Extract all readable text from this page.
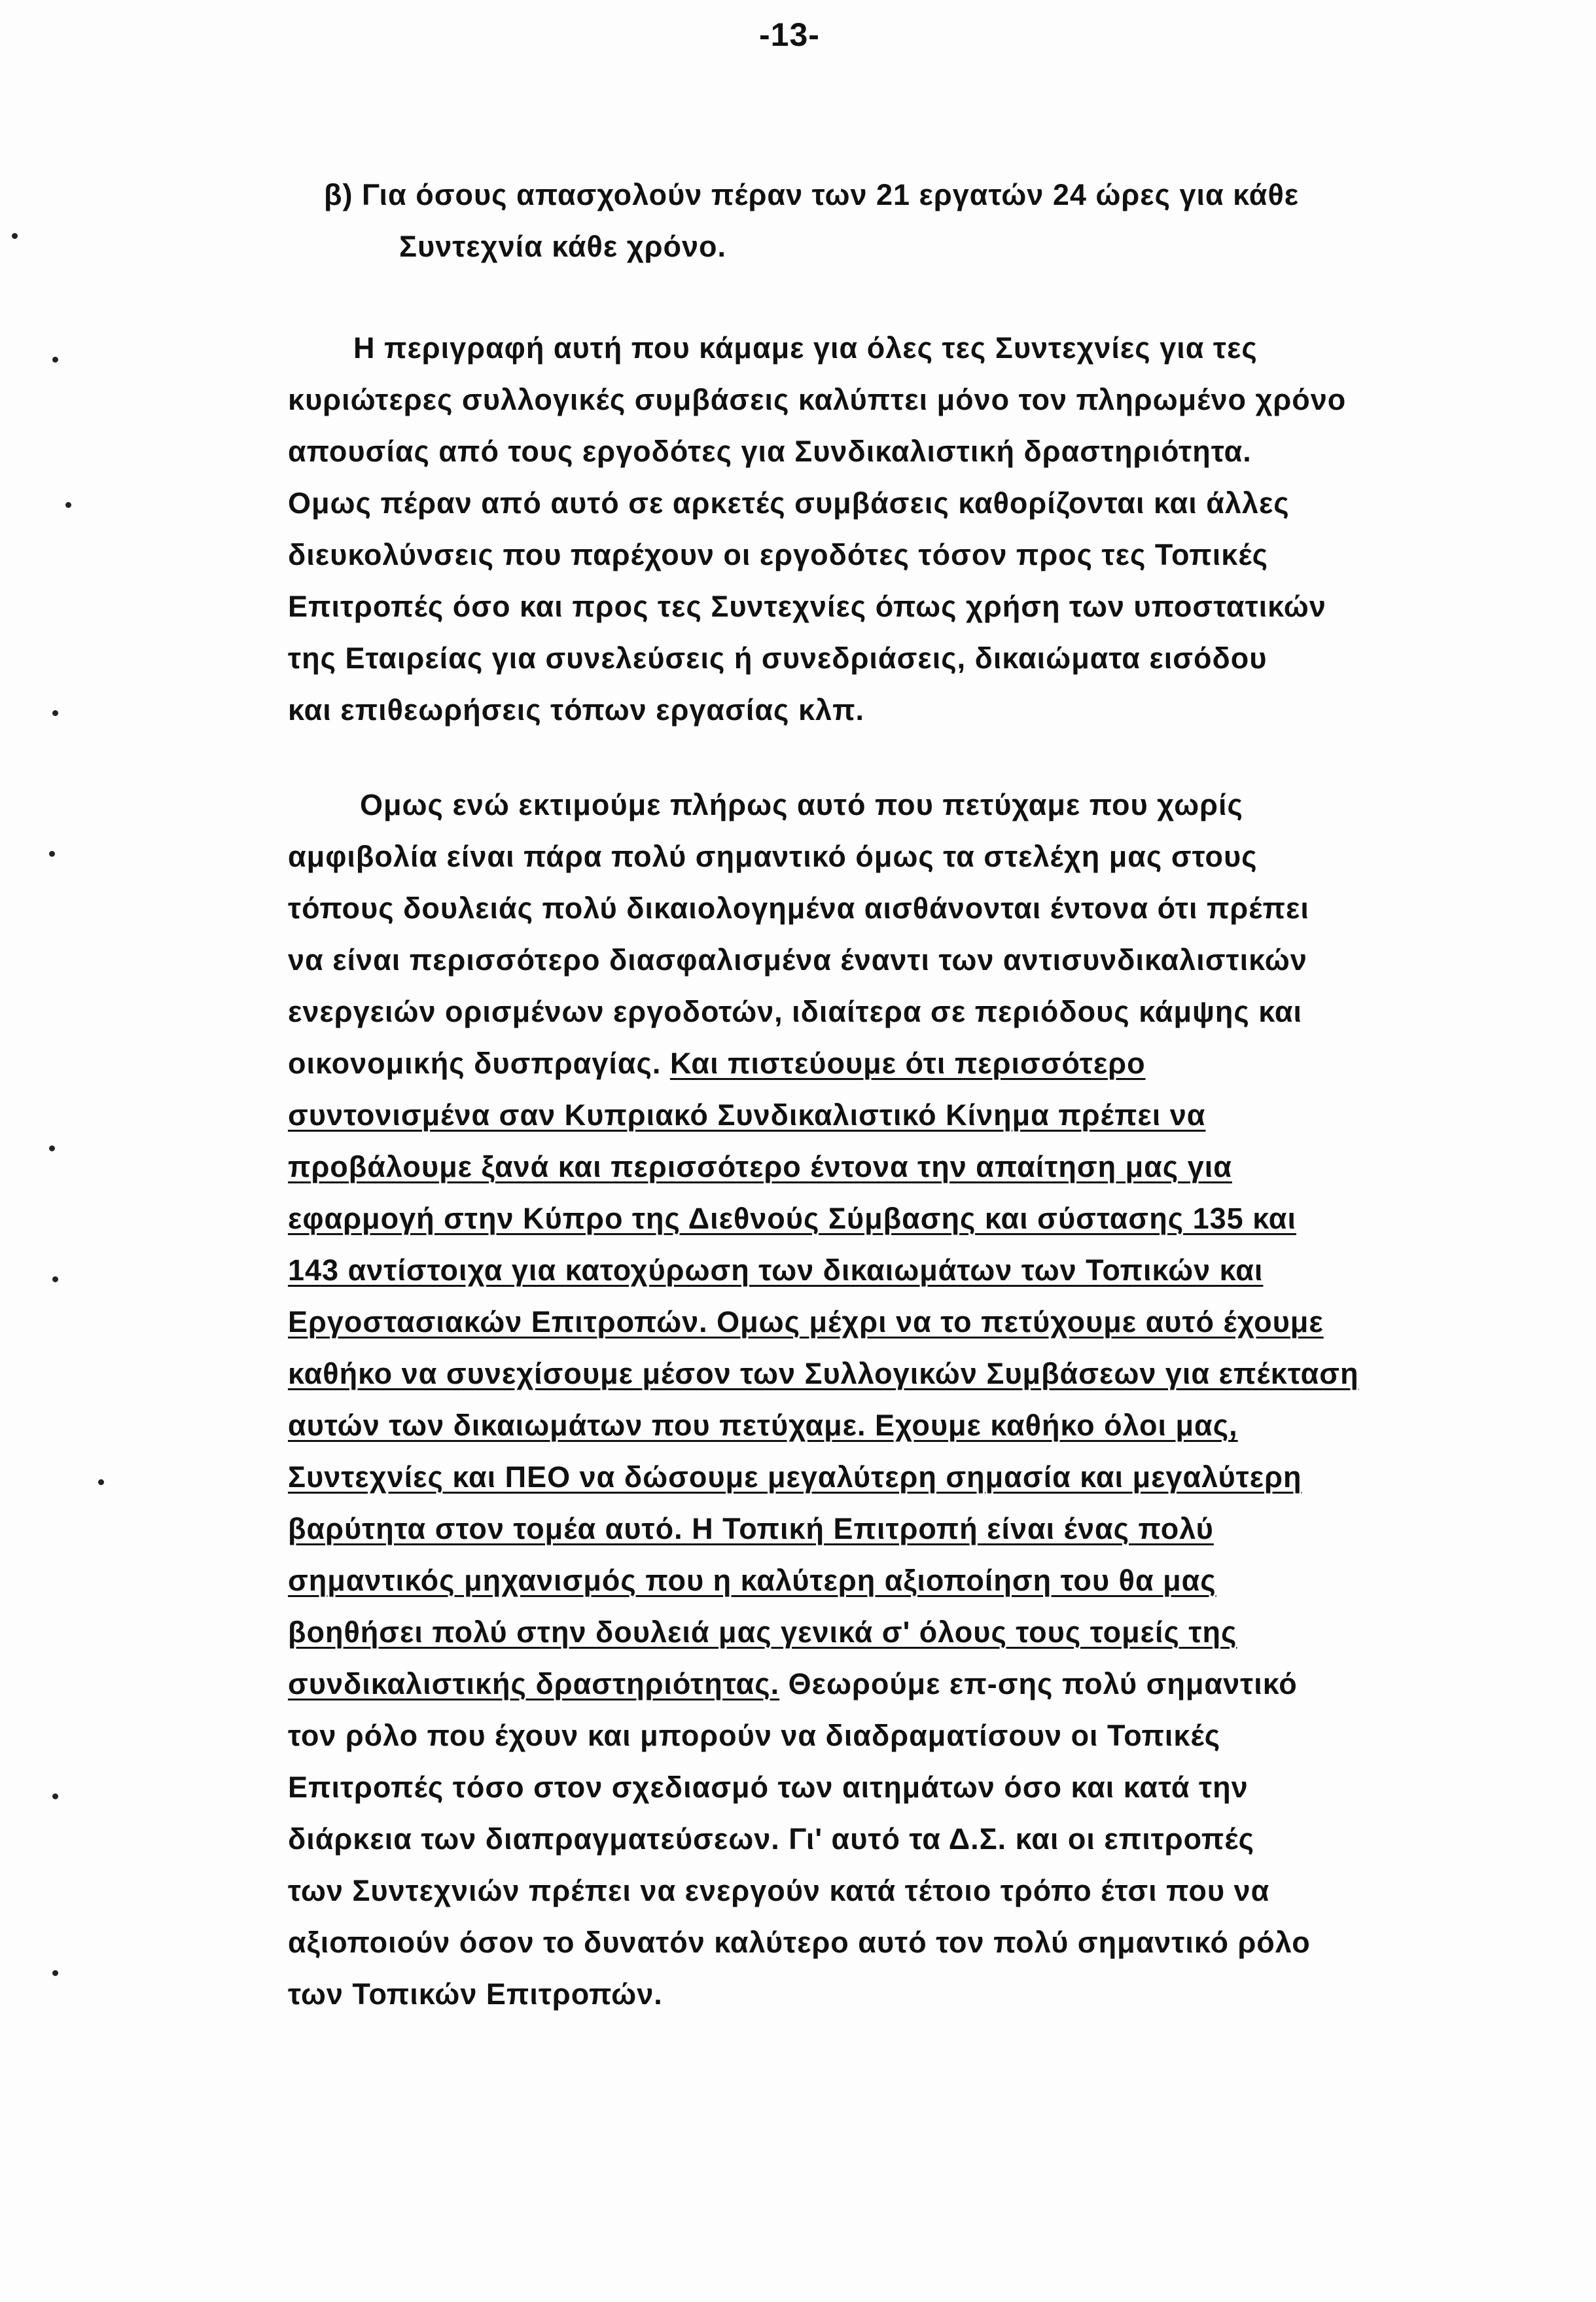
-13-
β) Για όσους απασχολούν πέραν των 21 εργατών 24 ώρες για κάθε
Συντεχνία κάθε χρόνο.
Η περιγραφή αυτή που κάμαμε για όλες τες Συντεχνίες για τες
κυριώτερες συλλογικές συμβάσεις καλύπτει μόνο τον πληρωμένο χρόνο
απουσίας από τους εργοδότες για Συνδικαλιστική δραστηριότητα.
Ομως πέραν από αυτό σε αρκετές συμβάσεις καθορίζονται και άλλες
διευκολύνσεις που παρέχουν οι εργοδότες τόσον προς τες Τοπικές
Επιτροπές όσο και προς τες Συντεχνίες όπως χρήση των υποστατικών
της Εταιρείας για συνελεύσεις ή συνεδριάσεις, δικαιώματα εισόδου
και επιθεωρήσεις τόπων εργασίας κλπ.
Ομως ενώ εκτιμούμε πλήρως αυτό που πετύχαμε που χωρίς
αμφιβολία είναι πάρα πολύ σημαντικό όμως τα στελέχη μας στους
τόπους δουλειάς πολύ δικαιολογημένα αισθάνονται έντονα ότι πρέπει
να είναι περισσότερο διασφαλισμένα έναντι των αντισυνδικαλιστικών
ενεργειών ορισμένων εργοδοτών, ιδιαίτερα σε περιόδους κάμψης και
οικονομικής δυσπραγίας. Και πιστεύουμε ότι περισσότερο
συντονισμένα σαν Κυπριακό Συνδικαλιστικό Κίνημα πρέπει να
προβάλουμε ξανά και περισσότερο έντονα την απαίτηση μας για
εφαρμογή στην Κύπρο της Διεθνούς Σύμβασης και σύστασης 135 και
143 αντίστοιχα για κατοχύρωση των δικαιωμάτων των Τοπικών και
Εργοστασιακών Επιτροπών. Ομως μέχρι να το πετύχουμε αυτό έχουμε
καθήκο να συνεχίσουμε μέσον των Συλλογικών Συμβάσεων για επέκταση
αυτών των δικαιωμάτων που πετύχαμε. Εχουμε καθήκο όλοι μας,
Συντεχνίες και ΠΕΟ να δώσουμε μεγαλύτερη σημασία και μεγαλύτερη
βαρύτητα στον τομέα αυτό. Η Τοπική Επιτροπή είναι ένας πολύ
σημαντικός μηχανισμός που η καλύτερη αξιοποίηση του θα μας
βοηθήσει πολύ στην δουλειά μας γενικά σ' όλους τους τομείς της
συνδικαλιστικής δραστηριότητας. Θεωρούμε επ-σης πολύ σημαντικό
τον ρόλο που έχουν και μπορούν να διαδραματίσουν οι Τοπικές
Επιτροπές τόσο στον σχεδιασμό των αιτημάτων όσο και κατά την
διάρκεια των διαπραγματεύσεων. Γι' αυτό τα Δ.Σ. και οι επιτροπές
των Συντεχνιών πρέπει να ενεργούν κατά τέτοιο τρόπο έτσι που να
αξιοποιούν όσον το δυνατόν καλύτερο αυτό τον πολύ σημαντικό ρόλο
των Τοπικών Επιτροπών.
